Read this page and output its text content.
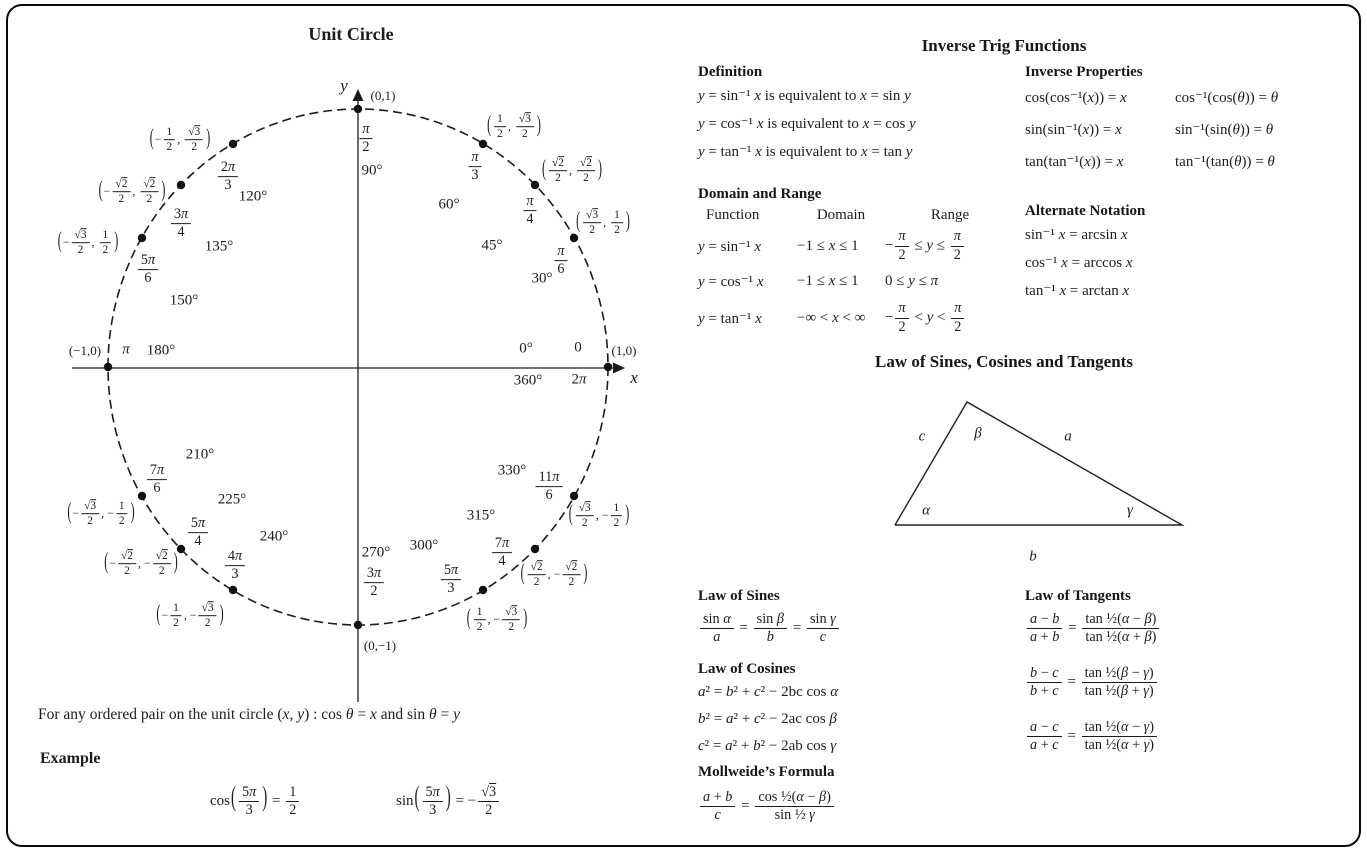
Unit Circle
y
x
(0,1)
$\frac{\pi}{2}$
90°
(−1,0) π 180°	0°
360°
0
2π
(1,0)
270°
$\frac{3\pi}{2}$
(0,−1)
( $\frac{√3}{2}$ , $\frac{1}{2}$ )
$\frac{\pi}{6}$
30°
( $\frac{√2}{2}$ , $\frac{√2}{2}$ )
$\frac{\pi}{4}$
45°
( $\frac{1}{2}$ , $\frac{√3}{2}$ )
$\frac{\pi}{3}$
60°
(− $\frac{1}{2}$ , $\frac{√3}{2}$ )
$\frac{2\pi}{3}$
120°
(− $\frac{√2}{2}$ , $\frac{√2}{2}$ )
$\frac{3\pi}{4}$
135°
(− $\frac{√3}{2}$ , $\frac{1}{2}$ )
$\frac{5\pi}{6}$
150°
(− $\frac{√3}{2}$ , − $\frac{1}{2}$ )
$\frac{7\pi}{6}$
210°
(− $\frac{√2}{2}$ , − $\frac{√2}{2}$ )
$\frac{5\pi}{4}$
225°
(− $\frac{1}{2}$ , − $\frac{√3}{2}$ )
$\frac{4\pi}{3}$
240°
( $\frac{1}{2}$ , − $\frac{√3}{2}$ )
$\frac{5\pi}{3}$
300°
( $\frac{√2}{2}$ , − $\frac{√2}{2}$ )
$\frac{7\pi}{4}$
315°	( $\frac{√3}{2}$ , − $\frac{1}{2}$ )
$\frac{11\pi}{6}$
330°
For any ordered pair on the unit circle (x, y) : cos θ = x and sin θ = y
Example
$\cos( \frac{5\pi}{3}$ ) = $\frac{1}{2}$	$\sin( \frac{5\pi}{3}$ ) = − $\frac{√3}{2}$
Inverse Trig Functions
Definition
y = sin⁻¹ x is equivalent to x = sin y
y = cos⁻¹ x is equivalent to x = cos y
y = tan⁻¹ x is equivalent to x = tan y
Inverse Properties
cos(cos⁻¹(x)) = x	cos⁻¹(cos(θ)) = θ
sin(sin⁻¹(x)) = x	sin⁻¹(sin(θ)) = θ
tan(tan⁻¹(x)) = x	tan⁻¹(tan(θ)) = θ
Domain and Range
Function	Domain	Range
y = sin⁻¹ x	−1 ≤ x ≤ 1	− $\frac{\pi}{2} \le y \le \frac{\pi}{2}$
y = cos⁻¹ x	−1 ≤ x ≤ 1	0 ≤ y ≤ π
y = tan⁻¹ x	−∞ < x < ∞	− $\frac{\pi}{2} < y < \frac{\pi}{2}$
Alternate Notation
sin⁻¹ x = arcsin x
cos⁻¹ x = arccos x
tan⁻¹ x = arctan x
Law of Sines, Cosines and Tangents
c	β	a
α	γ
b
Law of Sines
$\frac{\text{sin α}}{a} = \frac{\text{sin β}}{b} = \frac{\text{sin γ}}{c}$
Law of Cosines
a² = b² + c² − 2bc cos α
b² = a² + c² − 2ac cos β
c² = a² + b² − 2ab cos γ
Mollweide’s Formula
$\frac{a + b}{c} = \frac{\text{cos ½(α − β)}}{\text{sin ½ γ}}$
Law of Tangents
$\frac{a - b}{a + b} = \frac{\text{tan ½(α − β)}}{\text{tan ½(α + β)}}$
$\frac{b - c}{b + c} = \frac{\text{tan ½(β − γ)}}{\text{tan ½(β + γ)}}$
$\frac{a - c}{a + c} = \frac{\text{tan ½(α − γ)}}{\text{tan ½(α + γ)}}$
